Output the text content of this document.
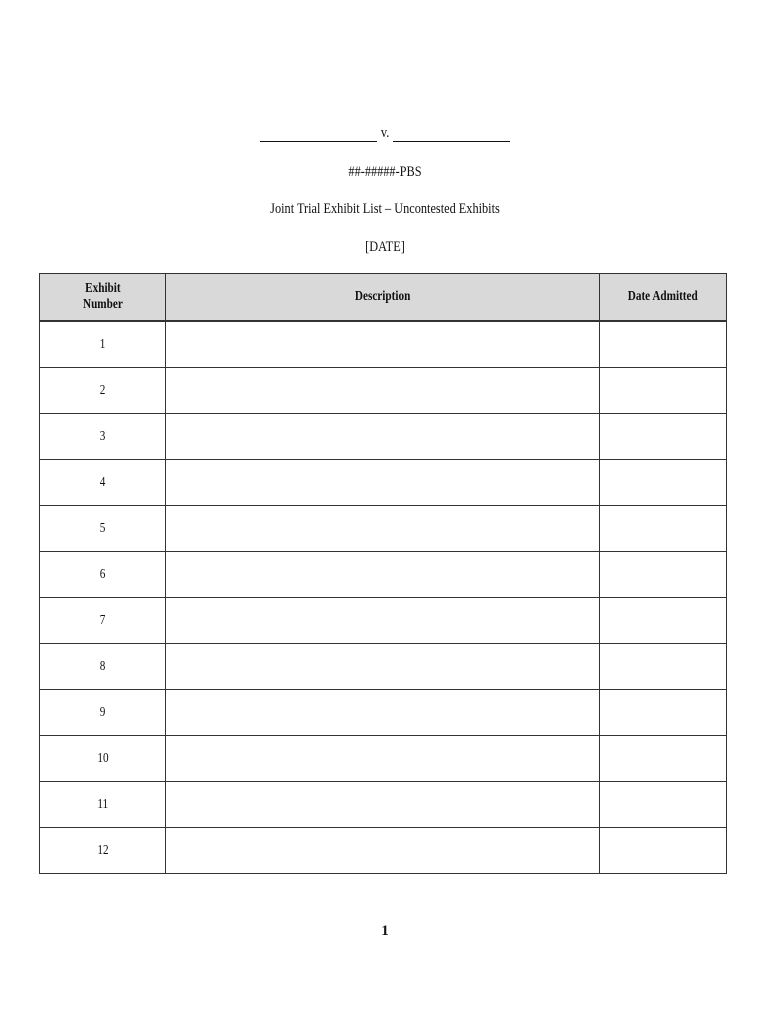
v.
##-#####-PBS
Joint Trial Exhibit List – Uncontested Exhibits
[DATE]
Exhibit
Number	Description	Date Admitted
1		
2		
3		
4		
5		
6		
7		
8		
9		
10		
11		
12		
1
